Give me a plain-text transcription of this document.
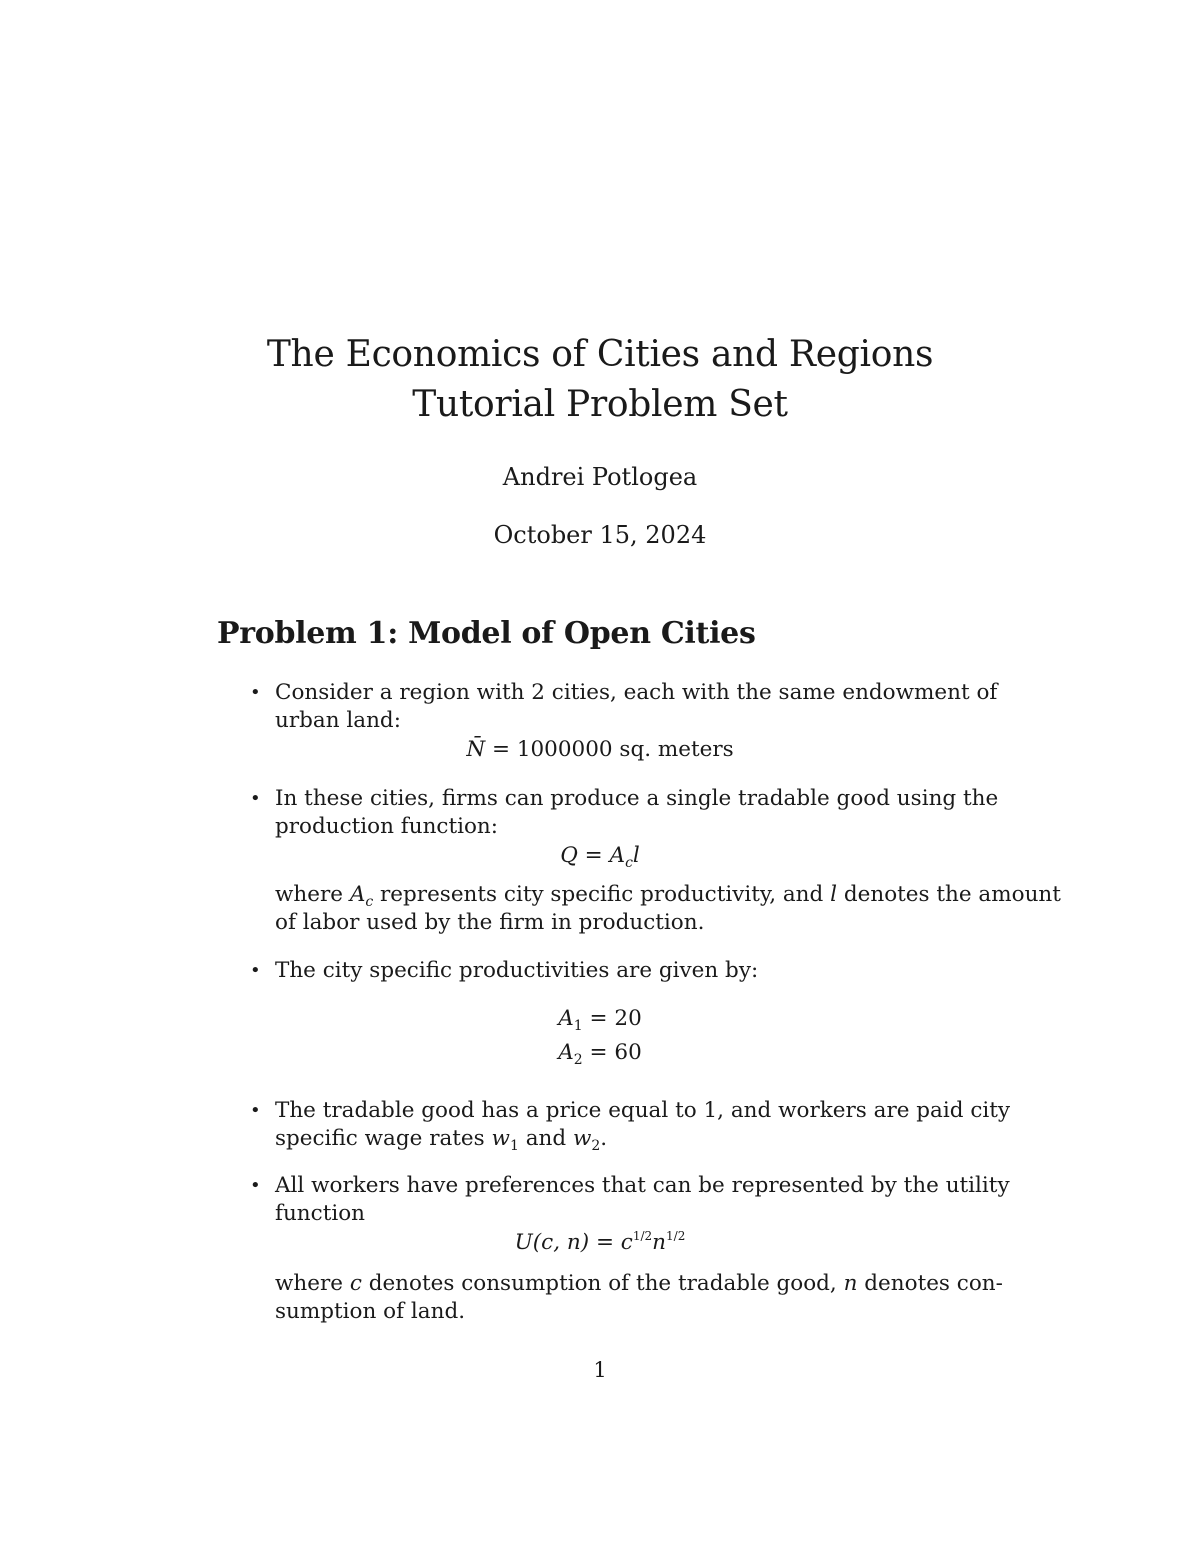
The Economics of Cities and Regions
Tutorial Problem Set
Andrei Potlogea
October 15, 2024
Problem 1: Model of Open Cities
• Consider a region with 2 cities, each with the same endowment of
urban land:
N̄ = 1000000 sq. meters
• In these cities, firms can produce a single tradable good using the
production function:
$Q = A_cl$
where $A_c$ represents city specific productivity, and l denotes the amount
of labor used by the firm in production.
• The city specific productivities are given by:
$A_1 = 20$
$A_2 = 60$
• The tradable good has a price equal to 1, and workers are paid city
specific wage rates $w_1$ and $w_2$.
• All workers have preferences that can be represented by the utility
function
U(c, $n) = c^{1/2}n^{1/2}$
where c denotes consumption of the tradable good, n denotes con-
sumption of land.
1
